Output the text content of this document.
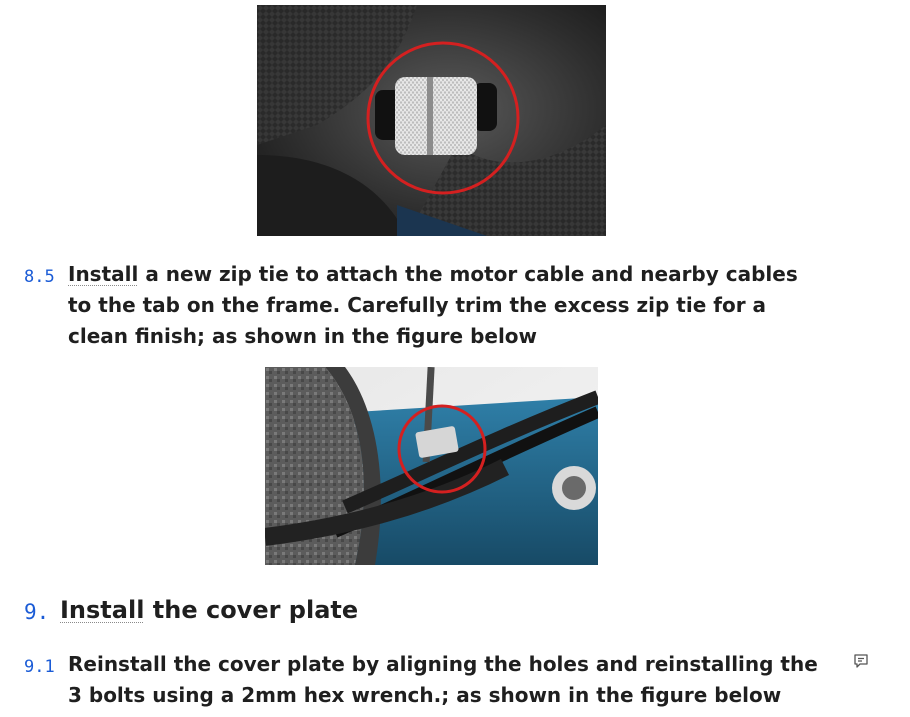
8.5 Install a new zip tie to attach the motor cable and nearby cables to the tab on the frame. Carefully trim the excess zip tie for a clean finish; as shown in the figure below
9. Install the cover plate
9.1 Reinstall the cover plate by aligning the holes and reinstalling the 3 bolts using a 2mm hex wrench.; as shown in the figure below
